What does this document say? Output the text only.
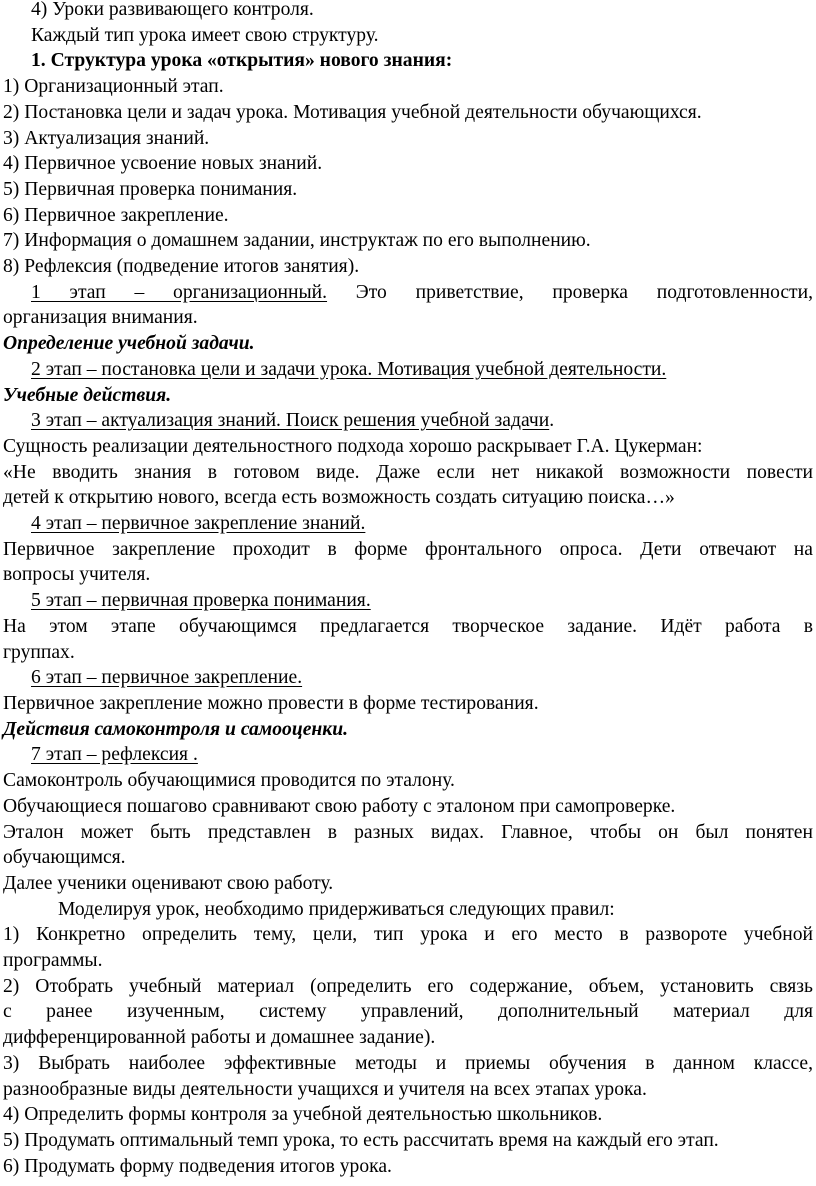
4) Уроки развивающего контроля.

Каждый тип урока имеет свою структуру.

1. Структура урока «открытия» нового знания:

1) Организационный этап.

2) Постановка цели и задач урока. Мотивация учебной деятельности обучающихся.

3) Актуализация знаний.

4) Первичное усвоение новых знаний.

5) Первичная проверка понимания.

6) Первичное закрепление.

7) Информация о домашнем задании, инструктаж по его выполнению.

8) Рефлексия (подведение итогов занятия).

1 этап – организационный. Это приветствие, проверка подготовленности,

организация внимания.

Определение учебной задачи.

2 этап – постановка цели и задачи урока. Мотивация учебной деятельности.

Учебные действия.

3 этап – актуализация знаний. Поиск решения учебной задачи.

Сущность реализации деятельностного подхода хорошо раскрывает Г.А. Цукерман:

«Не вводить знания в готовом виде. Даже если нет никакой возможности повести

детей к открытию нового, всегда есть возможность создать ситуацию поиска…»

4 этап – первичное закрепление знаний.

Первичное закрепление проходит в форме фронтального опроса. Дети отвечают на

вопросы учителя.

5 этап – первичная проверка понимания.

На этом этапе обучающимся предлагается творческое задание. Идёт работа в

группах.

6 этап – первичное закрепление.

Первичное закрепление можно провести в форме тестирования.

Действия самоконтроля и самооценки.

7 этап – рефлексия .

Самоконтроль обучающимися проводится по эталону.

Обучающиеся пошагово сравнивают свою работу с эталоном при самопроверке.

Эталон может быть представлен в разных видах. Главное, чтобы он был понятен

обучающимся.

Далее ученики оценивают свою работу.

Моделируя урок, необходимо придерживаться следующих правил:

1) Конкретно определить тему, цели, тип урока и его место в развороте учебной

программы.

2) Отобрать учебный материал (определить его содержание, объем, установить связь

с ранее изученным, систему управлений, дополнительный материал для

дифференцированной работы и домашнее задание).

3) Выбрать наиболее эффективные методы и приемы обучения в данном классе,

разнообразные виды деятельности учащихся и учителя на всех этапах урока.

4) Определить формы контроля за учебной деятельностью школьников.

5) Продумать оптимальный темп урока, то есть рассчитать время на каждый его этап.

6) Продумать форму подведения итогов урока.
